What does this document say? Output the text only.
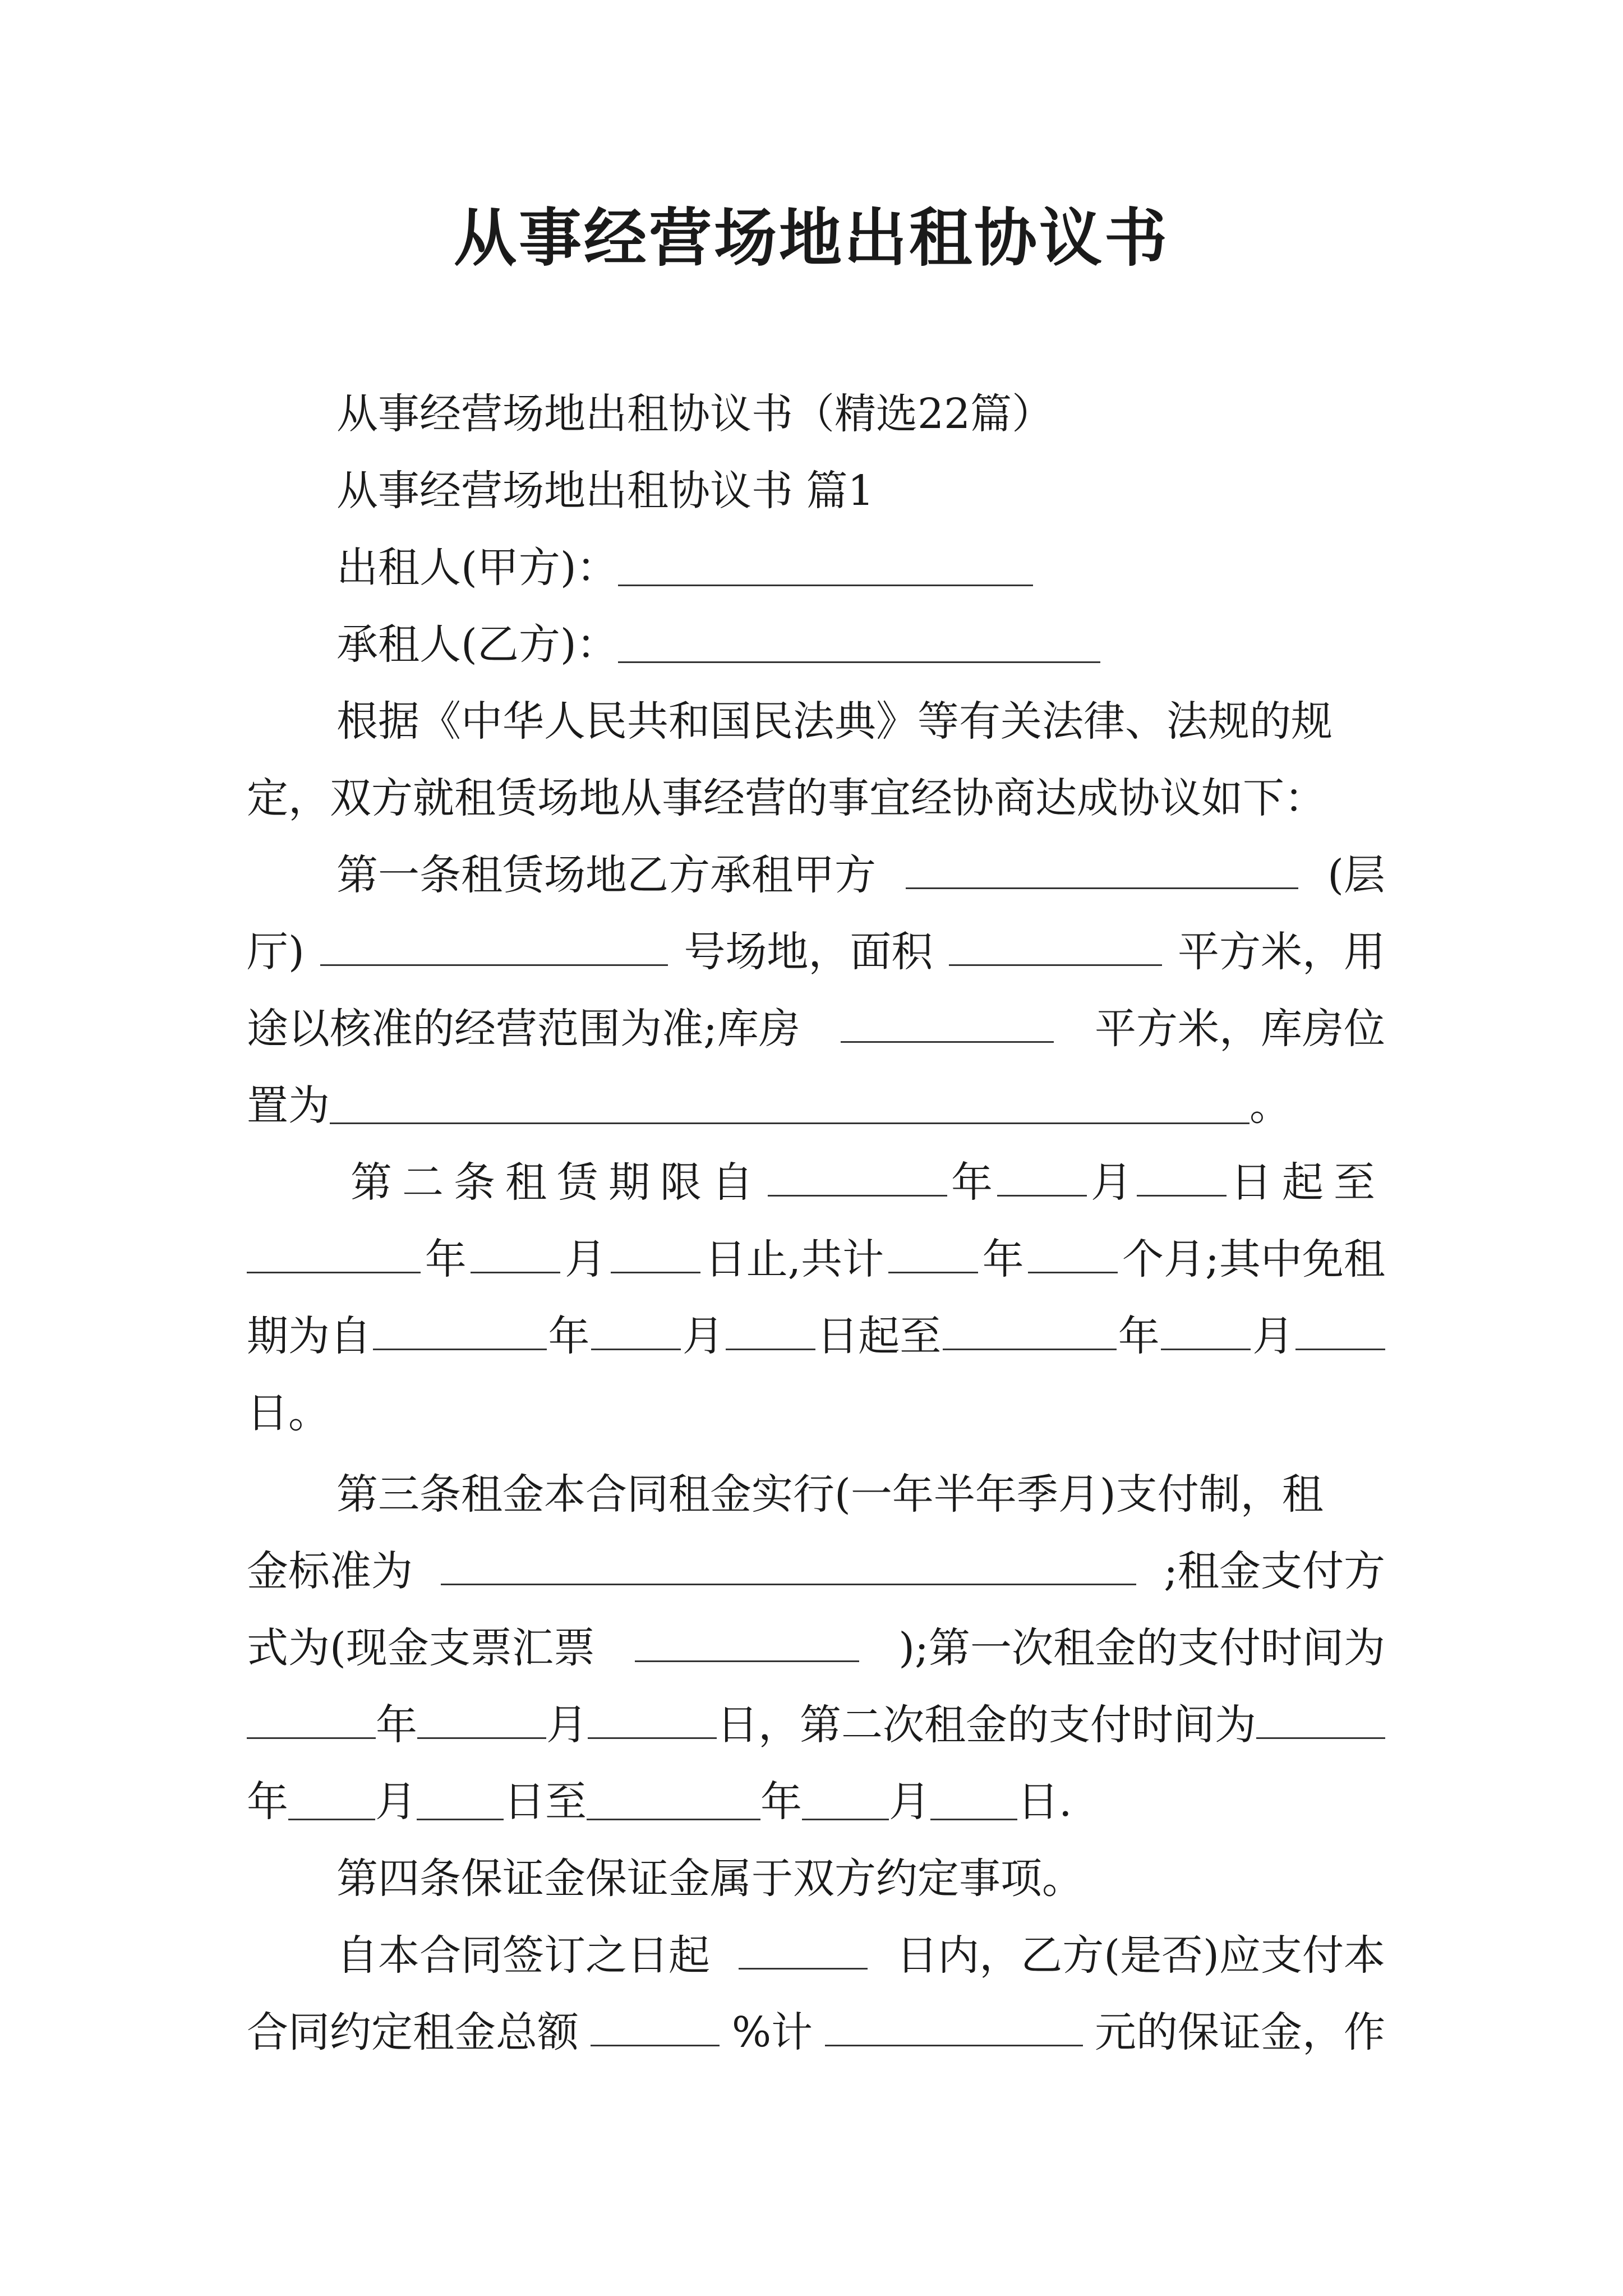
从事经营场地出租协议书
从事经营场地出租协议书（精选22篇）
从事经营场地出租协议书 篇1
出租人(甲方)：
承租人(乙方)：
根据《中华人民共和国民法典》等有关法律、法规的规
定，双方就租赁场地从事经营的事宜经协商达成协议如下：
第一条租赁场地乙方承租甲方	(层
厅)	号场地，面积	平方米，用
途以核准的经营范围为准;库房	平方米，库房位
置为	。
第二条租赁期限自	年 月 日起至
年 月 日止,共计 年 个月;其中免租
期为自	年 月 日起至	年 月
日。
第三条租金本合同租金实行(一年半年季月)支付制，租
金标准为	;租金支付方
式为(现金支票汇票	);第一次租金的支付时间为
年	月	日，第二次租金的支付时间为
年 月 日至	年 月 日.
第四条保证金保证金属于双方约定事项。
自本合同签订之日起	日内，乙方(是否)应支付本
合同约定租金总额	%计	元的保证金，作
